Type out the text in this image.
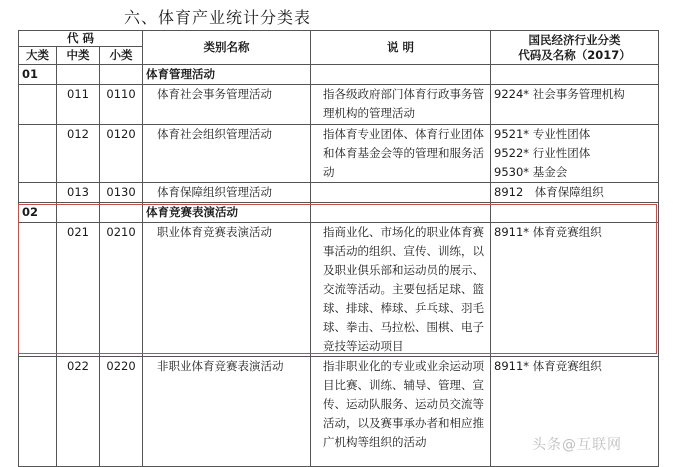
六、体育产业统计分类表
代 码			类别名称	说 明	国民经济行业分类
代码及名称（2017）

大类	中类	小类			
01			体育管理活动		
	011	0110	体育社会事务管理活动	指各级政府部门体育行政事务管理机构的管理活动	9224* 社会事务管理机构

	012	0120	体育社会组织管理活动	指体育专业团体、体育行业团体和体育基金会等的管理和服务活动	9521* 专业性团体
9522* 行业性团体
9530* 基金会

	013	0130	体育保障组织管理活动		8912　体育保障组织

02			体育竞赛表演活动		
	021	0210	职业体育竞赛表演活动	指商业化、市场化的职业体育赛事活动的组织、宣传、训练，以及职业俱乐部和运动员的展示、交流等活动。主要包括足球、篮球、排球、棒球、乒乓球、羽毛球、拳击、马拉松、围棋、电子竞技等运动项目	8911* 体育竞赛组织

	022	0220	非职业体育竞赛表演活动	指非职业化的专业或业余运动项目比赛、训练、辅导、管理、宣传、运动队服务、运动员交流等活动，以及赛事承办者和相应推广机构等组织的活动	8911* 体育竞赛组织
头条@互联网
